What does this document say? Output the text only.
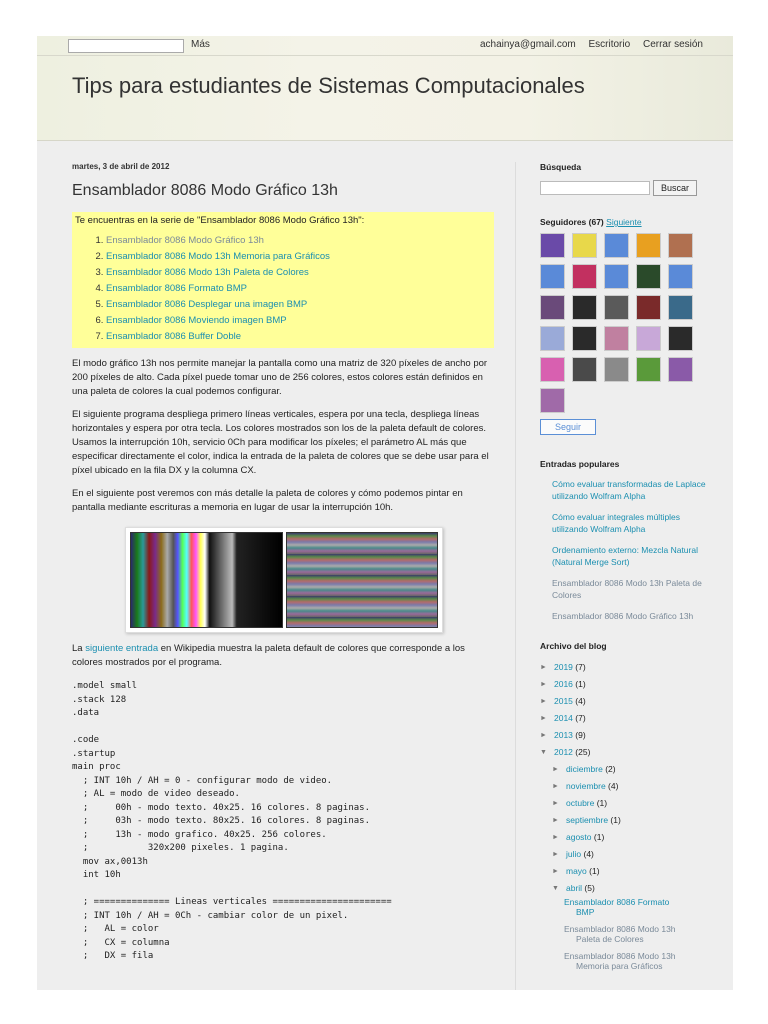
Más	achainya@gmail.com Escritorio Cerrar sesión
Tips para estudiantes de Sistemas Computacionales
martes, 3 de abril de 2012
Ensamblador 8086 Modo Gráfico 13h
Te encuentras en la serie de "Ensamblador 8086 Modo Gráfico 13h":
1. Ensamblador 8086 Modo Gráfico 13h
2. Ensamblador 8086 Modo 13h Memoria para Gráficos
3. Ensamblador 8086 Modo 13h Paleta de Colores
4. Ensamblador 8086 Formato BMP
5. Ensamblador 8086 Desplegar una imagen BMP
6. Ensamblador 8086 Moviendo imagen BMP
7. Ensamblador 8086 Buffer Doble

El modo gráfico 13h nos permite manejar la pantalla como una matriz de 320 píxeles de ancho por 200 píxeles de alto. Cada píxel puede tomar uno de 256 colores, estos colores están definidos en una paleta de colores la cual podemos configurar.

El siguiente programa despliega primero líneas verticales, espera por una tecla, despliega líneas horizontales y espera por otra tecla. Los colores mostrados son los de la paleta default de colores. Usamos la interrupción 10h, servicio 0Ch para modificar los píxeles; el parámetro AL más que especificar directamente el color, indica la entrada de la paleta de colores que se debe usar para el píxel ubicado en la fila DX y la columna CX.

En el siguiente post veremos con más detalle la paleta de colores y cómo podemos pintar en pantalla mediante escrituras a memoria en lugar de usar la interrupción 10h.

La siguiente entrada en Wikipedia muestra la paleta default de colores que corresponde a los colores mostrados por el programa.

.model small
.stack 128
.data

.code
.startup
main proc
; INT 10h / AH = 0 - configurar modo de video.
; AL = modo de video deseado.
;     00h - modo texto. 40x25. 16 colores. 8 paginas.
;     03h - modo texto. 80x25. 16 colores. 8 paginas.
;     13h - modo grafico. 40x25. 256 colores.
;           320x200 pixeles. 1 pagina.
mov ax,0013h
int 10h

; ============== Lineas verticales ======================
; INT 10h / AH = 0Ch - cambiar color de un pixel.
;   AL = color
;   CX = columna
;   DX = fila
Búsqueda
Buscar
Seguidores (67) Siguiente
Seguir
Entradas populares
Cómo evaluar transformadas de Laplace utilizando Wolfram Alpha
Cómo evaluar integrales múltiples utilizando Wolfram Alpha
Ordenamiento externo: Mezcla Natural (Natural Merge Sort)
Ensamblador 8086 Modo 13h Paleta de Colores
Ensamblador 8086 Modo Gráfico 13h
Archivo del blog
► 2019 (7)
► 2016 (1)
► 2015 (4)
► 2014 (7)
► 2013 (9)
▼ 2012 (25)
► diciembre (2)
► noviembre (4)
► octubre (1)
► septiembre (1)
► agosto (1)
► julio (4)
► mayo (1)
▼ abril (5)
Ensamblador 8086 Formato
BMP
Ensamblador 8086 Modo 13h
Paleta de Colores
Ensamblador 8086 Modo 13h
Memoria para Gráficos
